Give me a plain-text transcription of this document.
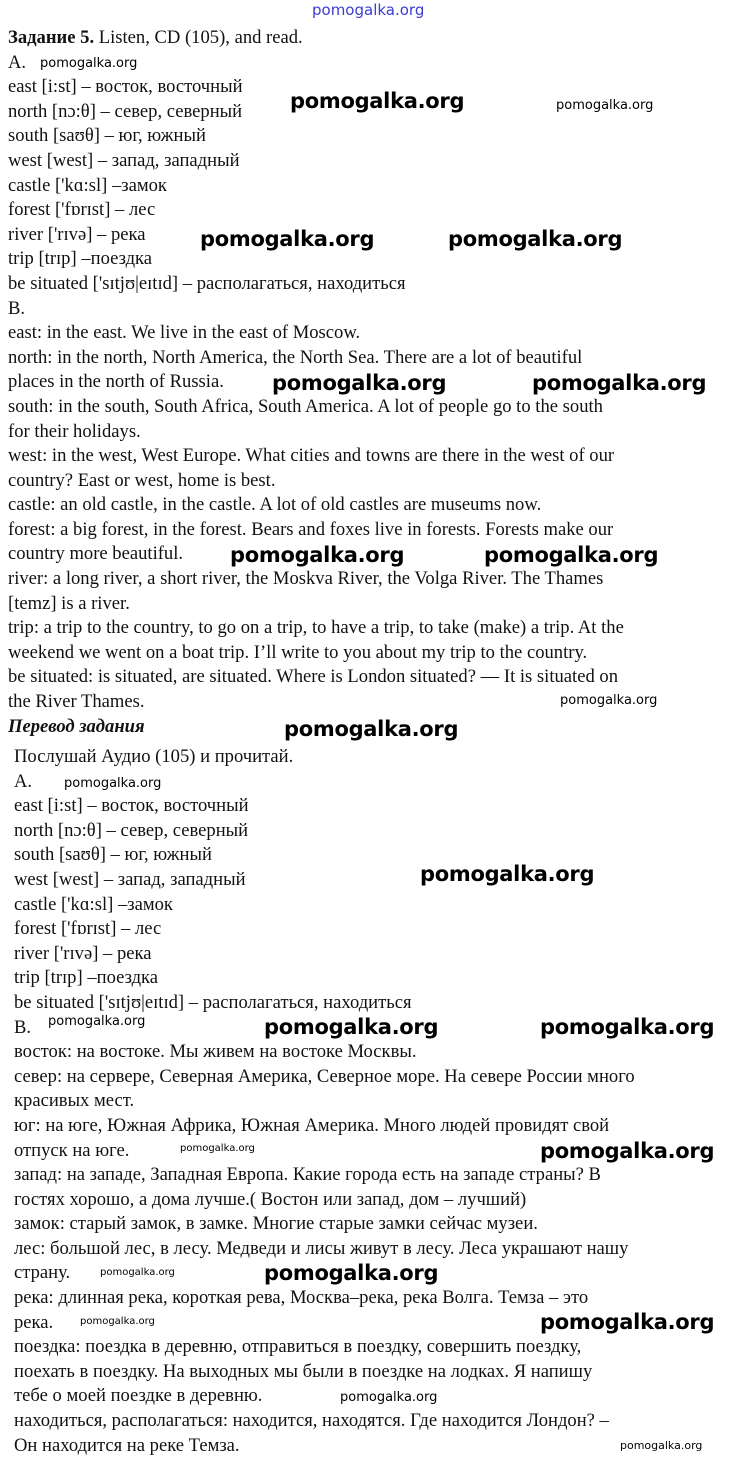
Задание 5. Listen, CD (105), and read.
A.
east [i:st] – восток, восточный
north [nɔ:θ] – север, северный
south [saʊθ] – юг, южный
west [west] – запад, западный
castle ['kɑ:sl] –замок
forest ['fɒrɪst] – лес
river ['rɪvə] – река
trip [trɪp] –поездка
be situated ['sɪtjʊ|eɪtɪd] – располагаться, находиться
B.
east: in the east. We live in the east of Moscow.
north: in the north, North America, the North Sea. There are a lot of beautiful
places in the north of Russia.
south: in the south, South Africa, South America. A lot of people go to the south
for their holidays.
west: in the west, West Europe. What cities and towns are there in the west of our
country? East or west, home is best.
castle: an old castle, in the castle. A lot of old castles are museums now.
forest: a big forest, in the forest. Bears and foxes live in forests. Forests make our
country more beautiful.
river: a long river, a short river, the Moskva River, the Volga River. The Thames
[temz] is a river.
trip: a trip to the country, to go on a trip, to have a trip, to take (make) a trip. At the
weekend we went on a boat trip. I’ll write to you about my trip to the country.
be situated: is situated, are situated. Where is London situated? — It is situated on
the River Thames.
Перевод задания
Послушай Аудио (105) и прочитай.
A.
east [i:st] – восток, восточный
north [nɔ:θ] – север, северный
south [saʊθ] – юг, южный
west [west] – запад, западный
castle ['kɑ:sl] –замок
forest ['fɒrɪst] – лес
river ['rɪvə] – река
trip [trɪp] –поездка
be situated ['sɪtjʊ|eɪtɪd] – располагаться, находиться
B.
восток: на востоке. Мы живем на востоке Москвы.
север: на сервере, Северная Америка, Северное море. На севере России много
красивых мест.
юг: на юге, Южная Африка, Южная Америка. Много людей провидят свой
отпуск на юге.
запад: на западе, Западная Европа. Какие города есть на западе страны? В
гостях хорошо, а дома лучше.( Востон или запад, дом – лучший)
замок: старый замок, в замке. Многие старые замки сейчас музеи.
лес: большой лес, в лесу. Медведи и лисы живут в лесу. Леса украшают нашу
страну.
река: длинная река, короткая рева, Москва–река, река Волга. Темза – это
река.
поездка: поездка в деревню, отправиться в поездку, совершить поездку,
поехать в поездку. На выходных мы были в поездке на лодках. Я напишу
тебе о моей поездке в деревню.
находиться, располагаться: находится, находятся. Где находится Лондон? –
Он находится на реке Темза.
pomogalka.org
pomogalka.org
pomogalka.org	pomogalka.org
pomogalka.org	pomogalka.org
pomogalka.org	pomogalka.org
pomogalka.org	pomogalka.org
pomogalka.org
pomogalka.org
pomogalka.org
pomogalka.org
pomogalka.org	pomogalka.org	pomogalka.org
pomogalka.org	pomogalka.org
pomogalka.org	pomogalka.org
pomogalka.org	pomogalka.org
pomogalka.org
pomogalka.org
